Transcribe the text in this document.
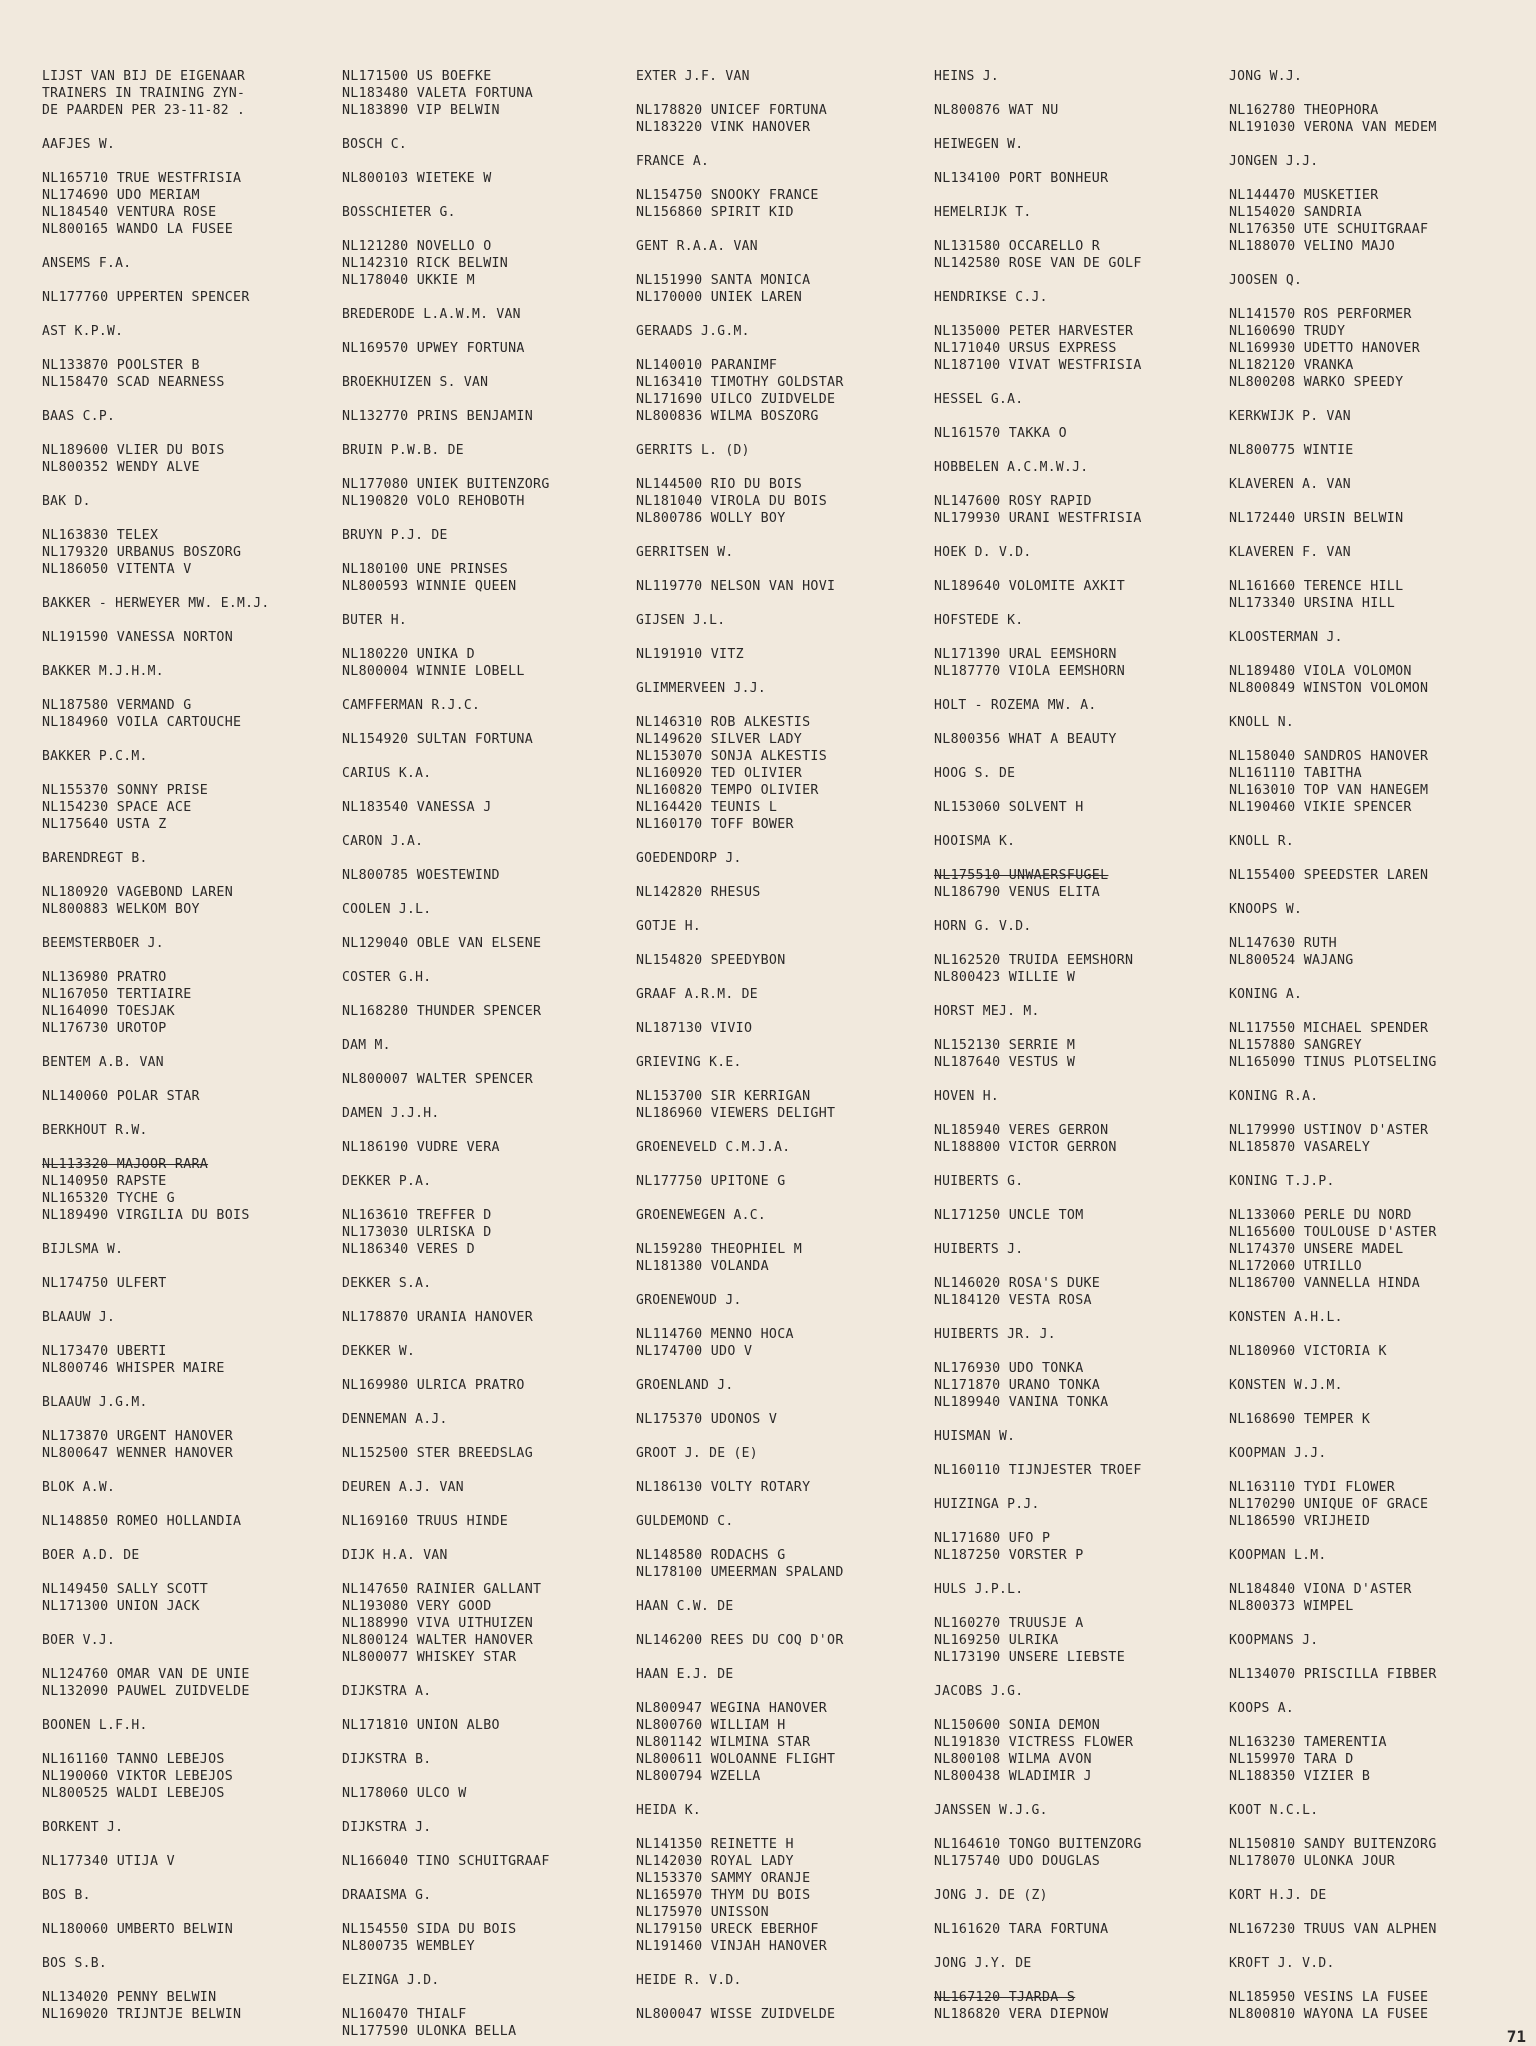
LIJST VAN BIJ DE EIGENAAR
TRAINERS IN TRAINING ZYN-
DE PAARDEN PER 23-11-82 .
AAFJES W.
NL165710 TRUE WESTFRISIA
NL174690 UDO MERIAM
NL184540 VENTURA ROSE
NL800165 WANDO LA FUSEE
ANSEMS F.A.
NL177760 UPPERTEN SPENCER
AST K.P.W.
NL133870 POOLSTER B
NL158470 SCAD NEARNESS
BAAS C.P.
NL189600 VLIER DU BOIS
NL800352 WENDY ALVE
BAK D.
NL163830 TELEX
NL179320 URBANUS BOSZORG
NL186050 VITENTA V
BAKKER - HERWEYER MW. E.M.J.
NL191590 VANESSA NORTON
BAKKER M.J.H.M.
NL187580 VERMAND G
NL184960 VOILA CARTOUCHE
BAKKER P.C.M.
NL155370 SONNY PRISE
NL154230 SPACE ACE
NL175640 USTA Z
BARENDREGT B.
NL180920 VAGEBOND LAREN
NL800883 WELKOM BOY
BEEMSTERBOER J.
NL136980 PRATRO
NL167050 TERTIAIRE
NL164090 TOESJAK
NL176730 UROTOP
BENTEM A.B. VAN
NL140060 POLAR STAR
BERKHOUT R.W.
NL113320 MAJOOR RARA
NL140950 RAPSTE
NL165320 TYCHE G
NL189490 VIRGILIA DU BOIS
BIJLSMA W.
NL174750 ULFERT
BLAAUW J.
NL173470 UBERTI
NL800746 WHISPER MAIRE
BLAAUW J.G.M.
NL173870 URGENT HANOVER
NL800647 WENNER HANOVER
BLOK A.W.
NL148850 ROMEO HOLLANDIA
BOER A.D. DE
NL149450 SALLY SCOTT
NL171300 UNION JACK
BOER V.J.
NL124760 OMAR VAN DE UNIE
NL132090 PAUWEL ZUIDVELDE
BOONEN L.F.H.
NL161160 TANNO LEBEJOS
NL190060 VIKTOR LEBEJOS
NL800525 WALDI LEBEJOS
BORKENT J.
NL177340 UTIJA V
BOS B.
NL180060 UMBERTO BELWIN
BOS S.B.
NL134020 PENNY BELWIN
NL169020 TRIJNTJE BELWIN
NL171500 US BOEFKE
NL183480 VALETA FORTUNA
NL183890 VIP BELWIN
BOSCH C.
NL800103 WIETEKE W
BOSSCHIETER G.
NL121280 NOVELLO O
NL142310 RICK BELWIN
NL178040 UKKIE M
BREDERODE L.A.W.M. VAN
NL169570 UPWEY FORTUNA
BROEKHUIZEN S. VAN
NL132770 PRINS BENJAMIN
BRUIN P.W.B. DE
NL177080 UNIEK BUITENZORG
NL190820 VOLO REHOBOTH
BRUYN P.J. DE
NL180100 UNE PRINSES
NL800593 WINNIE QUEEN
BUTER H.
NL180220 UNIKA D
NL800004 WINNIE LOBELL
CAMFFERMAN R.J.C.
NL154920 SULTAN FORTUNA
CARIUS K.A.
NL183540 VANESSA J
CARON J.A.
NL800785 WOESTEWIND
COOLEN J.L.
NL129040 OBLE VAN ELSENE
COSTER G.H.
NL168280 THUNDER SPENCER
DAM M.
NL800007 WALTER SPENCER
DAMEN J.J.H.
NL186190 VUDRE VERA
DEKKER P.A.
NL163610 TREFFER D
NL173030 ULRISKA D
NL186340 VERES D
DEKKER S.A.
NL178870 URANIA HANOVER
DEKKER W.
NL169980 ULRICA PRATRO
DENNEMAN A.J.
NL152500 STER BREEDSLAG
DEUREN A.J. VAN
NL169160 TRUUS HINDE
DIJK H.A. VAN
NL147650 RAINIER GALLANT
NL193080 VERY GOOD
NL188990 VIVA UITHUIZEN
NL800124 WALTER HANOVER
NL800077 WHISKEY STAR
DIJKSTRA A.
NL171810 UNION ALBO
DIJKSTRA B.
NL178060 ULCO W
DIJKSTRA J.
NL166040 TINO SCHUITGRAAF
DRAAISMA G.
NL154550 SIDA DU BOIS
NL800735 WEMBLEY
ELZINGA J.D.
NL160470 THIALF
NL177590 ULONKA BELLA
EXTER J.F. VAN
NL178820 UNICEF FORTUNA
NL183220 VINK HANOVER
FRANCE A.
NL154750 SNOOKY FRANCE
NL156860 SPIRIT KID
GENT R.A.A. VAN
NL151990 SANTA MONICA
NL170000 UNIEK LAREN
GERAADS J.G.M.
NL140010 PARANIMF
NL163410 TIMOTHY GOLDSTAR
NL171690 UILCO ZUIDVELDE
NL800836 WILMA BOSZORG
GERRITS L. (D)
NL144500 RIO DU BOIS
NL181040 VIROLA DU BOIS
NL800786 WOLLY BOY
GERRITSEN W.
NL119770 NELSON VAN HOVI
GIJSEN J.L.
NL191910 VITZ
GLIMMERVEEN J.J.
NL146310 ROB ALKESTIS
NL149620 SILVER LADY
NL153070 SONJA ALKESTIS
NL160920 TED OLIVIER
NL160820 TEMPO OLIVIER
NL164420 TEUNIS L
NL160170 TOFF BOWER
GOEDENDORP J.
NL142820 RHESUS
GOTJE H.
NL154820 SPEEDYBON
GRAAF A.R.M. DE
NL187130 VIVIO
GRIEVING K.E.
NL153700 SIR KERRIGAN
NL186960 VIEWERS DELIGHT
GROENEVELD C.M.J.A.
NL177750 UPITONE G
GROENEWEGEN A.C.
NL159280 THEOPHIEL M
NL181380 VOLANDA
GROENEWOUD J.
NL114760 MENNO HOCA
NL174700 UDO V
GROENLAND J.
NL175370 UDONOS V
GROOT J. DE (E)
NL186130 VOLTY ROTARY
GULDEMOND C.
NL148580 RODACHS G
NL178100 UMEERMAN SPALAND
HAAN C.W. DE
NL146200 REES DU COQ D'OR
HAAN E.J. DE
NL800947 WEGINA HANOVER
NL800760 WILLIAM H
NL801142 WILMINA STAR
NL800611 WOLOANNE FLIGHT
NL800794 WZELLA
HEIDA K.
NL141350 REINETTE H
NL142030 ROYAL LADY
NL153370 SAMMY ORANJE
NL165970 THYM DU BOIS
NL175970 UNISSON
NL179150 URECK EBERHOF
NL191460 VINJAH HANOVER
HEIDE R. V.D.
NL800047 WISSE ZUIDVELDE
HEINS J.
NL800876 WAT NU
HEIWEGEN W.
NL134100 PORT BONHEUR
HEMELRIJK T.
NL131580 OCCARELLO R
NL142580 ROSE VAN DE GOLF
HENDRIKSE C.J.
NL135000 PETER HARVESTER
NL171040 URSUS EXPRESS
NL187100 VIVAT WESTFRISIA
HESSEL G.A.
NL161570 TAKKA O
HOBBELEN A.C.M.W.J.
NL147600 ROSY RAPID
NL179930 URANI WESTFRISIA
HOEK D. V.D.
NL189640 VOLOMITE AXKIT
HOFSTEDE K.
NL171390 URAL EEMSHORN
NL187770 VIOLA EEMSHORN
HOLT - ROZEMA MW. A.
NL800356 WHAT A BEAUTY
HOOG S. DE
NL153060 SOLVENT H
HOOISMA K.
NL175510 UNWAERSFUGEL
NL186790 VENUS ELITA
HORN G. V.D.
NL162520 TRUIDA EEMSHORN
NL800423 WILLIE W
HORST MEJ. M.
NL152130 SERRIE M
NL187640 VESTUS W
HOVEN H.
NL185940 VERES GERRON
NL188800 VICTOR GERRON
HUIBERTS G.
NL171250 UNCLE TOM
HUIBERTS J.
NL146020 ROSA'S DUKE
NL184120 VESTA ROSA
HUIBERTS JR. J.
NL176930 UDO TONKA
NL171870 URANO TONKA
NL189940 VANINA TONKA
HUISMAN W.
NL160110 TIJNJESTER TROEF
HUIZINGA P.J.
NL171680 UFO P
NL187250 VORSTER P
HULS J.P.L.
NL160270 TRUUSJE A
NL169250 ULRIKA
NL173190 UNSERE LIEBSTE
JACOBS J.G.
NL150600 SONIA DEMON
NL191830 VICTRESS FLOWER
NL800108 WILMA AVON
NL800438 WLADIMIR J
JANSSEN W.J.G.
NL164610 TONGO BUITENZORG
NL175740 UDO DOUGLAS
JONG J. DE (Z)
NL161620 TARA FORTUNA
JONG J.Y. DE
NL167120 TJARDA S
NL186820 VERA DIEPNOW
JONG W.J.
NL162780 THEOPHORA
NL191030 VERONA VAN MEDEM
JONGEN J.J.
NL144470 MUSKETIER
NL154020 SANDRIA
NL176350 UTE SCHUITGRAAF
NL188070 VELINO MAJO
JOOSEN Q.
NL141570 ROS PERFORMER
NL160690 TRUDY
NL169930 UDETTO HANOVER
NL182120 VRANKA
NL800208 WARKO SPEEDY
KERKWIJK P. VAN
NL800775 WINTIE
KLAVEREN A. VAN
NL172440 URSIN BELWIN
KLAVEREN F. VAN
NL161660 TERENCE HILL
NL173340 URSINA HILL
KLOOSTERMAN J.
NL189480 VIOLA VOLOMON
NL800849 WINSTON VOLOMON
KNOLL N.
NL158040 SANDROS HANOVER
NL161110 TABITHA
NL163010 TOP VAN HANEGEM
NL190460 VIKIE SPENCER
KNOLL R.
NL155400 SPEEDSTER LAREN
KNOOPS W.
NL147630 RUTH
NL800524 WAJANG
KONING A.
NL117550 MICHAEL SPENDER
NL157880 SANGREY
NL165090 TINUS PLOTSELING
KONING R.A.
NL179990 USTINOV D'ASTER
NL185870 VASARELY
KONING T.J.P.
NL133060 PERLE DU NORD
NL165600 TOULOUSE D'ASTER
NL174370 UNSERE MADEL
NL172060 UTRILLO
NL186700 VANNELLA HINDA
KONSTEN A.H.L.
NL180960 VICTORIA K
KONSTEN W.J.M.
NL168690 TEMPER K
KOOPMAN J.J.
NL163110 TYDI FLOWER
NL170290 UNIQUE OF GRACE
NL186590 VRIJHEID
KOOPMAN L.M.
NL184840 VIONA D'ASTER
NL800373 WIMPEL
KOOPMANS J.
NL134070 PRISCILLA FIBBER
KOOPS A.
NL163230 TAMERENTIA
NL159970 TARA D
NL188350 VIZIER B
KOOT N.C.L.
NL150810 SANDY BUITENZORG
NL178070 ULONKA JOUR
KORT H.J. DE
NL167230 TRUUS VAN ALPHEN
KROFT J. V.D.
NL185950 VESINS LA FUSEE
NL800810 WAYONA LA FUSEE
71
